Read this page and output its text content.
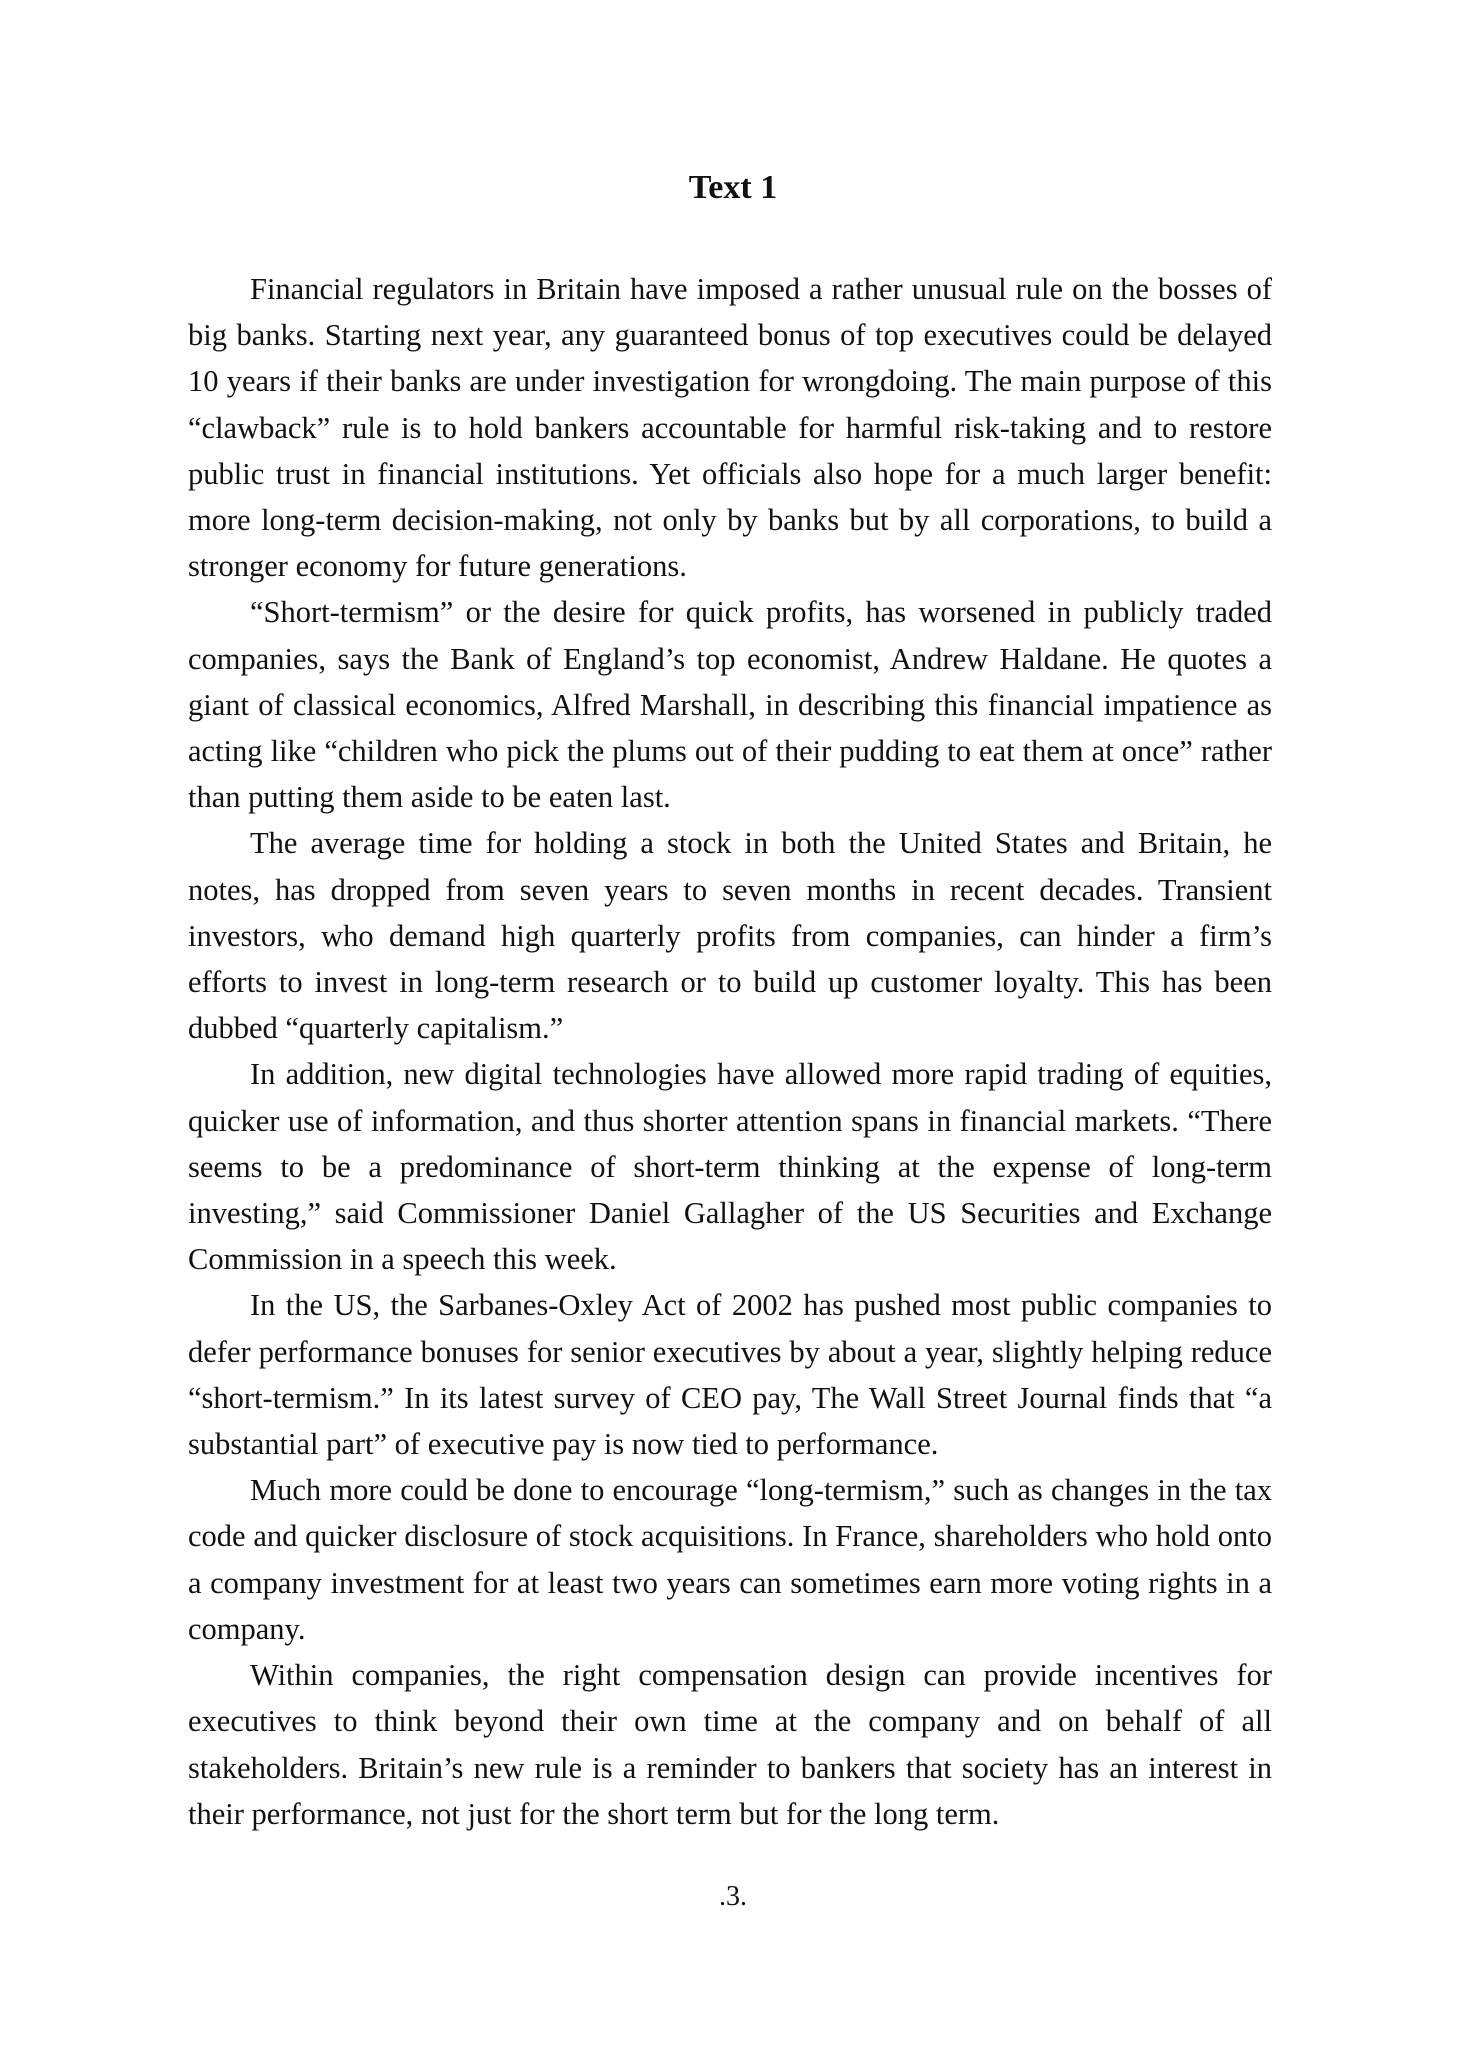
Text 1

Financial regulators in Britain have imposed a rather unusual rule on the bosses of big banks. Starting next year, any guaranteed bonus of top executives could be delayed 10 years if their banks are under investigation for wrongdoing. The main purpose of this “clawback” rule is to hold bankers accountable for harmful risk-taking and to restore public trust in financial institutions. Yet officials also hope for a much larger benefit: more long-term decision-making, not only by banks but by all corporations, to build a stronger economy for future generations.

“Short-termism” or the desire for quick profits, has worsened in publicly traded companies, says the Bank of England’s top economist, Andrew Haldane. He quotes a giant of classical economics, Alfred Marshall, in describing this financial impatience as acting like “children who pick the plums out of their pudding to eat them at once” rather than putting them aside to be eaten last.

The average time for holding a stock in both the United States and Britain, he notes, has dropped from seven years to seven months in recent decades. Transient investors, who demand high quarterly profits from companies, can hinder a firm’s efforts to invest in long-term research or to build up customer loyalty. This has been dubbed “quarterly capitalism.”

In addition, new digital technologies have allowed more rapid trading of equities, quicker use of information, and thus shorter attention spans in financial markets. “There seems to be a predominance of short-term thinking at the expense of long-term investing,” said Commissioner Daniel Gallagher of the US Securities and Exchange Commission in a speech this week.

In the US, the Sarbanes-Oxley Act of 2002 has pushed most public companies to defer performance bonuses for senior executives by about a year, slightly helping reduce “short-termism.” In its latest survey of CEO pay, The Wall Street Journal finds that “a substantial part” of executive pay is now tied to performance.

Much more could be done to encourage “long-termism,” such as changes in the tax code and quicker disclosure of stock acquisitions. In France, shareholders who hold onto a company investment for at least two years can sometimes earn more voting rights in a company.

Within companies, the right compensation design can provide incentives for executives to think beyond their own time at the company and on behalf of all stakeholders. Britain’s new rule is a reminder to bankers that society has an interest in their performance, not just for the short term but for the long term.

.3.
